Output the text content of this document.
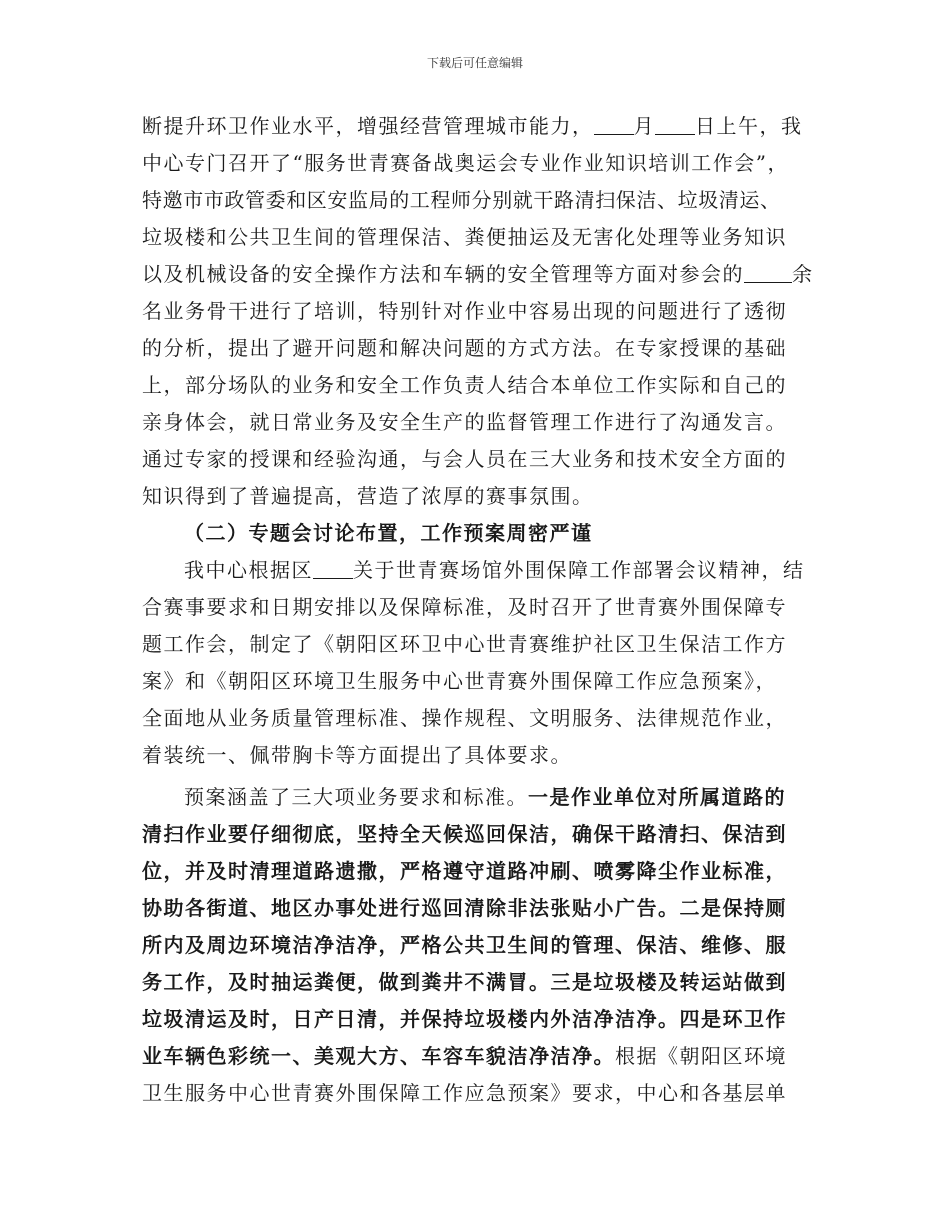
下载后可任意编辑
断提升环卫作业水平，增强经营管理城市能力， 月 日上午，我
中心专门召开了“服务世青赛备战奥运会专业作业知识培训工作会”，
特邀市市政管委和区安监局的工程师分别就干路清扫保洁、垃圾清运、
垃圾楼和公共卫生间的管理保洁、粪便抽运及无害化处理等业务知识
以及机械设备的安全操作方法和车辆的安全管理等方面对参会的 余
名业务骨干进行了培训，特别针对作业中容易出现的问题进行了透彻
的分析，提出了避开问题和解决问题的方式方法。在专家授课的基础
上，部分场队的业务和安全工作负责人结合本单位工作实际和自己的
亲身体会，就日常业务及安全生产的监督管理工作进行了沟通发言。
通过专家的授课和经验沟通，与会人员在三大业务和技术安全方面的
知识得到了普遍提高，营造了浓厚的赛事氛围。
（二）专题会讨论布置，工作预案周密严谨
我中心根据区 关于世青赛场馆外围保障工作部署会议精神，结
合赛事要求和日期安排以及保障标准，及时召开了世青赛外围保障专
题工作会，制定了《朝阳区环卫中心世青赛维护社区卫生保洁工作方
案》和《朝阳区环境卫生服务中心世青赛外围保障工作应急预案》，
全面地从业务质量管理标准、操作规程、文明服务、法律规范作业，
着装统一、佩带胸卡等方面提出了具体要求。
预案涵盖了三大项业务要求和标准。一是作业单位对所属道路的
清扫作业要仔细彻底，坚持全天候巡回保洁，确保干路清扫、保洁到
位，并及时清理道路遗撒，严格遵守道路冲刷、喷雾降尘作业标准，
协助各街道、地区办事处进行巡回清除非法张贴小广告。二是保持厕
所内及周边环境洁净洁净，严格公共卫生间的管理、保洁、维修、服
务工作，及时抽运粪便，做到粪井不满冒。三是垃圾楼及转运站做到
垃圾清运及时，日产日清，并保持垃圾楼内外洁净洁净。四是环卫作
业车辆色彩统一、美观大方、车容车貌洁净洁净。根据《朝阳区环境
卫生服务中心世青赛外围保障工作应急预案》要求，中心和各基层单
